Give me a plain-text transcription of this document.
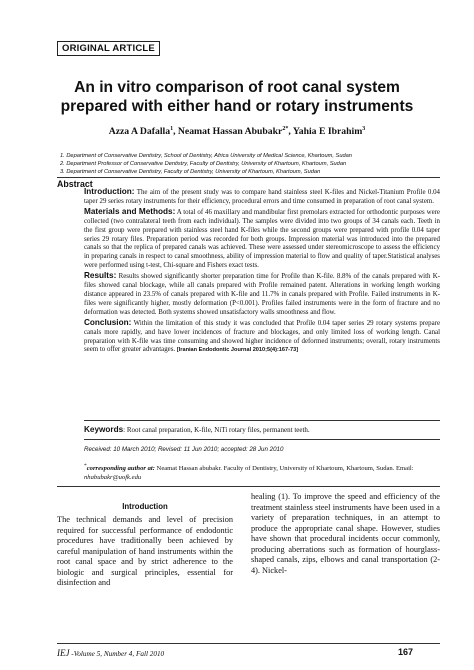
ORIGINAL ARTICLE
An in vitro comparison of root canal system
prepared with either hand or rotary instruments
Azza A Dafalla$^1$, Neamat Hassan Abubakr$^{2*}$, Yahia E Ibrahim$^3$
1. Department of Conservative Dentistry, School of Dentistry, Africa University of Medical Science, Khartoum, Sudan
2. Department Professor of Conservative Dentistry, Faculty of Dentistry, University of Khartoum, Khartoum, Sudan
3. Department of Conservative Dentistry, Faculty of Dentistry, University of Khartoum, Khartoum, Sudan
Abstract

Introduction: The aim of the present study was to compare hand stainless steel K-files and Nickel-Titanium Profile 0.04 taper 29 series rotary instruments for their efficiency, procedural errors and time consumed in preparation of root canal system.

Materials and Methods: A total of 46 maxillary and mandibular first premolars extracted for orthodontic purposes were collected (two contralateral teeth from each individual). The samples were divided into two groups of 34 canals each. Teeth in the first group were prepared with stainless steel hand K-files while the second groups were prepared with profile 0.04 taper series 29 rotary files. Preparation period was recorded for both groups. Impression material was introduced into the prepared canals so that the replica of prepared canals was achieved. These were assessed under stereomicroscope to assess the efficiency in preparing canals in respect to canal smoothness, ability of impression material to flow and quality of taper.Statistical analyses were performed using t-test, Chi-square and Fishers exact tests.

Results: Results showed significantly shorter preparation time for Profile than K-file. 8.8% of the canals prepared with K-files showed canal blockage, while all canals prepared with Profile remained patent. Alterations in working length working distance appeared in 23.5% of canals prepared with K-file and 11.7% in canals prepared with Profile. Failed instruments in K-files were significantly higher, mostly deformation (P<0.001). Profiles failed instruments were in the form of fracture and no deformation was detected. Both systems showed unsatisfactory walls smoothness and flow.

Conclusion: Within the limitation of this study it was concluded that Profile 0.04 taper series 29 rotary systems prepare canals more rapidly, and have lower incidences of fracture and blockages, and only limited loss of working length. Canal preparation with K-file was time consuming and showed higher incidence of deformed instruments; overall, rotary instruments seem to offer greater advantages. [Iranian Endodontic Journal 2010;5(4):167-73]

Keywords: Root canal preparation, K-file, NiTi rotary files, permanent teeth.
Received: 10 March 2010; Revised: 11 Jun 2010; accepted: 28 Jun 2010
*corresponding author at: Neamat Hassan abubakr. Faculty of Dentistry, University of Khartoum, Khartoum, Sudan. Email: nhabubakr@uofk.edu
Introduction
The technical demands and level of precision required for successful performance of endodontic procedures have traditionally been achieved by careful manipulation of hand instruments within the root canal space and by strict adherence to the biologic and surgical principles, essential for disinfection and
healing (1). To improve the speed and efficiency of the treatment stainless steel instruments have been used in a variety of preparation techniques, in an attempt to produce the appropriate canal shape. However, studies have shown that procedural incidents occur commonly, producing aberrations such as formation of hourglass-shaped canals, zips, elbows and canal transportation (2-4). Nickel-
IEJ -Volume 5, Number 4, Fall 2010	167
